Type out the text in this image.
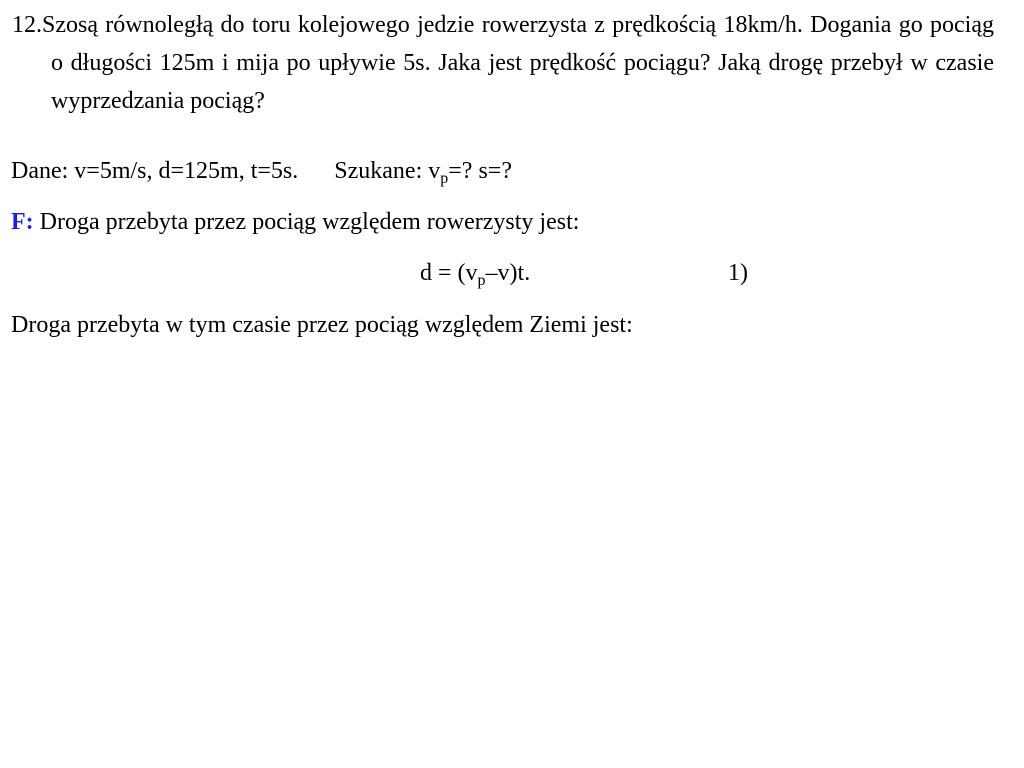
12.Szosą równoległą do toru kolejowego jedzie rowerzysta z prędkością 18km/h. Dogania go pociąg o długości 125m i mija po upływie 5s. Jaka jest prędkość pociągu? Jaką drogę przebył w czasie wyprzedzania pociąg?
Dane: v=5m/s, d=125m, t=5s. Szukane: $v_p=$? s=?
F: Droga przebyta przez pociąg względem rowerzysty jest:
$d = (v_p-v)t$.	1)
Droga przebyta w tym czasie przez pociąg względem Ziemi jest:
